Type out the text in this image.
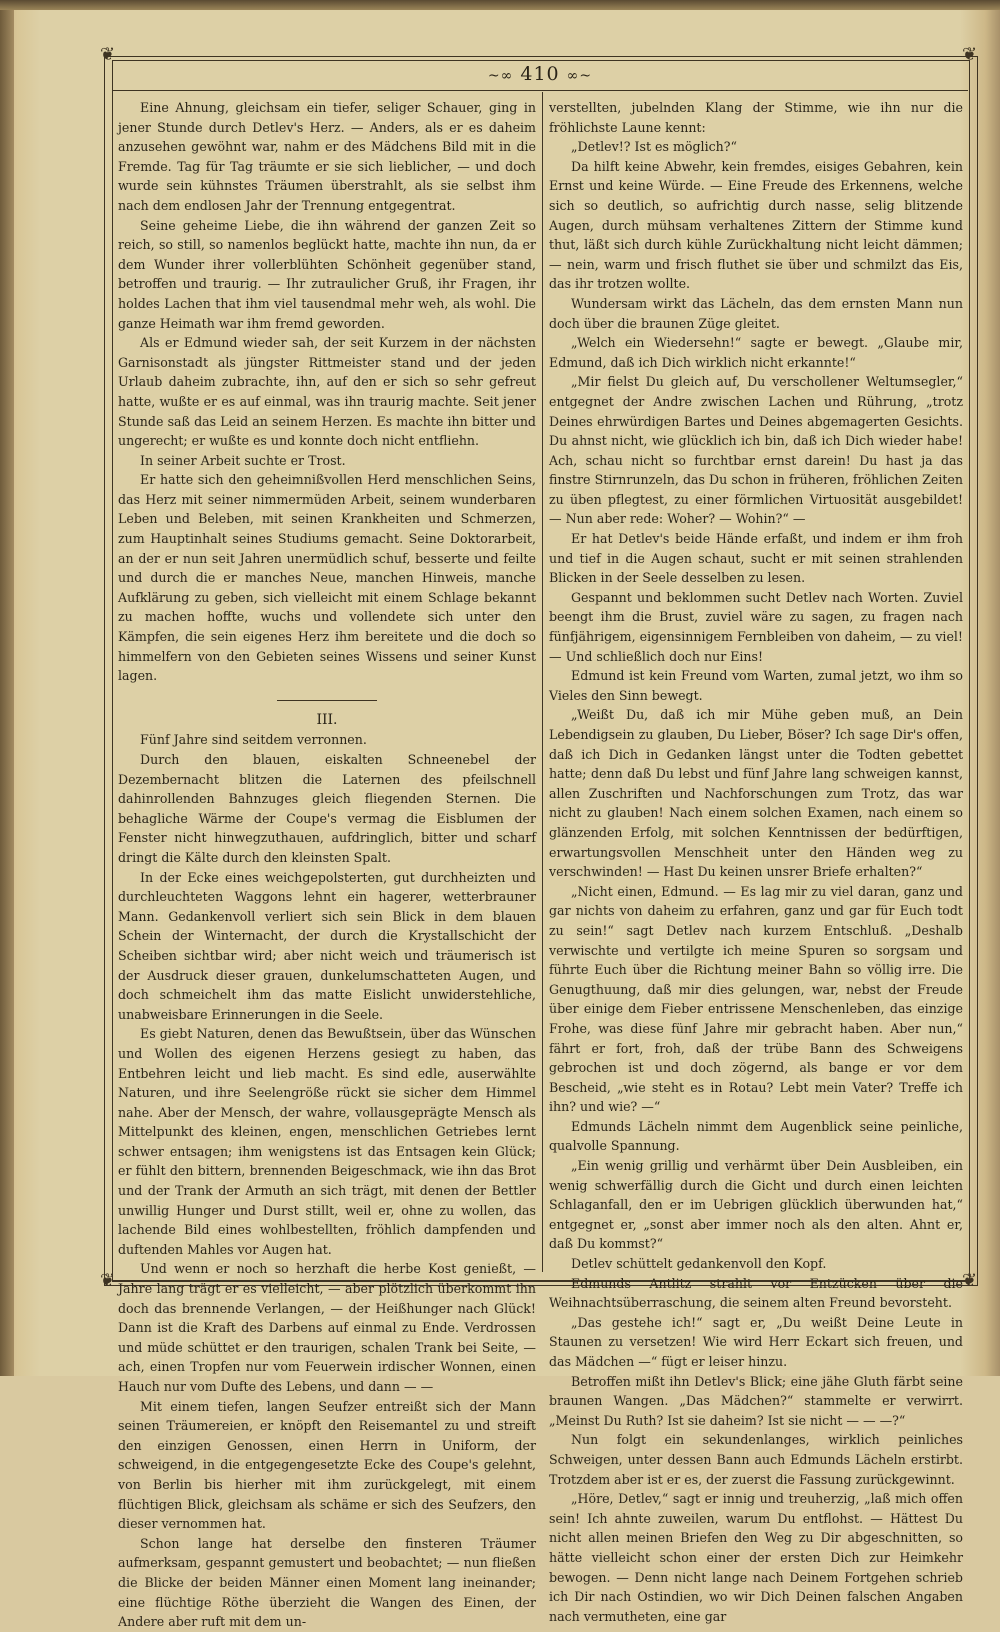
❦	❦
❦	❦
~∞ 410 ∞~

Eine Ahnung, gleichsam ein tiefer, seliger Schauer, ging in jener Stunde durch Detlev's Herz. — Anders, als er es daheim anzusehen gewöhnt war, nahm er des Mädchens Bild mit in die Fremde. Tag für Tag träumte er sie sich lieblicher, — und doch wurde sein kühnstes Träumen überstrahlt, als sie selbst ihm nach dem endlosen Jahr der Trennung entgegentrat.

Seine geheime Liebe, die ihn während der ganzen Zeit so reich, so still, so namenlos beglückt hatte, machte ihn nun, da er dem Wunder ihrer vollerblühten Schönheit gegenüber stand, betroffen und traurig. — Ihr zutraulicher Gruß, ihr Fragen, ihr holdes Lachen that ihm viel tausendmal mehr weh, als wohl. Die ganze Heimath war ihm fremd geworden.

Als er Edmund wieder sah, der seit Kurzem in der nächsten Garnisonstadt als jüngster Rittmeister stand und der jeden Urlaub daheim zubrachte, ihn, auf den er sich so sehr gefreut hatte, wußte er es auf einmal, was ihn traurig machte. Seit jener Stunde saß das Leid an seinem Herzen. Es machte ihn bitter und ungerecht; er wußte es und konnte doch nicht entfliehn.

In seiner Arbeit suchte er Trost.

Er hatte sich den geheimnißvollen Herd menschlichen Seins, das Herz mit seiner nimmermüden Arbeit, seinem wunderbaren Leben und Beleben, mit seinen Krankheiten und Schmerzen, zum Hauptinhalt seines Studiums gemacht. Seine Doktorarbeit, an der er nun seit Jahren unermüdlich schuf, besserte und feilte und durch die er manches Neue, manchen Hinweis, manche Aufklärung zu geben, sich vielleicht mit einem Schlage bekannt zu machen hoffte, wuchs und vollendete sich unter den Kämpfen, die sein eigenes Herz ihm bereitete und die doch so himmelfern von den Gebieten seines Wissens und seiner Kunst lagen.

III.

Fünf Jahre sind seitdem verronnen.

Durch den blauen, eiskalten Schneenebel der Dezembernacht blitzen die Laternen des pfeilschnell dahinrollenden Bahnzuges gleich fliegenden Sternen. Die behagliche Wärme der Coupe's vermag die Eisblumen der Fenster nicht hinwegzuthauen, aufdringlich, bitter und scharf dringt die Kälte durch den kleinsten Spalt.

In der Ecke eines weichgepolsterten, gut durchheizten und durchleuchteten Waggons lehnt ein hagerer, wetterbrauner Mann. Gedankenvoll verliert sich sein Blick in dem blauen Schein der Winternacht, der durch die Krystallschicht der Scheiben sichtbar wird; aber nicht weich und träumerisch ist der Ausdruck dieser grauen, dunkelumschatteten Augen, und doch schmeichelt ihm das matte Eislicht unwiderstehliche, unabweisbare Erinnerungen in die Seele.

Es giebt Naturen, denen das Bewußtsein, über das Wünschen und Wollen des eigenen Herzens gesiegt zu haben, das Entbehren leicht und lieb macht. Es sind edle, auserwählte Naturen, und ihre Seelengröße rückt sie sicher dem Himmel nahe. Aber der Mensch, der wahre, vollausgeprägte Mensch als Mittelpunkt des kleinen, engen, menschlichen Getriebes lernt schwer entsagen; ihm wenigstens ist das Entsagen kein Glück; er fühlt den bittern, brennenden Beigeschmack, wie ihn das Brot und der Trank der Armuth an sich trägt, mit denen der Bettler unwillig Hunger und Durst stillt, weil er, ohne zu wollen, das lachende Bild eines wohlbestellten, fröhlich dampfenden und duftenden Mahles vor Augen hat.

Und wenn er noch so herzhaft die herbe Kost genießt, — Jahre lang trägt er es vielleicht, — aber plötzlich überkommt ihn doch das brennende Verlangen, — der Heißhunger nach Glück! Dann ist die Kraft des Darbens auf einmal zu Ende. Verdrossen und müde schüttet er den traurigen, schalen Trank bei Seite, — ach, einen Tropfen nur vom Feuerwein irdischer Wonnen, einen Hauch nur vom Dufte des Lebens, und dann — —

Mit einem tiefen, langen Seufzer entreißt sich der Mann seinen Träumereien, er knöpft den Reisemantel zu und streift den einzigen Genossen, einen Herrn in Uniform, der schweigend, in die entgegengesetzte Ecke des Coupe's gelehnt, von Berlin bis hierher mit ihm zurückgelegt, mit einem flüchtigen Blick, gleichsam als schäme er sich des Seufzers, den dieser vernommen hat.

Schon lange hat derselbe den finsteren Träumer aufmerksam, gespannt gemustert und beobachtet; — nun fließen die Blicke der beiden Männer einen Moment lang ineinander; eine flüchtige Röthe überzieht die Wangen des Einen, der Andere aber ruft mit dem un-

verstellten, jubelnden Klang der Stimme, wie ihn nur die fröhlichste Laune kennt:

„Detlev!? Ist es möglich?“

Da hilft keine Abwehr, kein fremdes, eisiges Gebahren, kein Ernst und keine Würde. — Eine Freude des Erkennens, welche sich so deutlich, so aufrichtig durch nasse, selig blitzende Augen, durch mühsam verhaltenes Zittern der Stimme kund thut, läßt sich durch kühle Zurückhaltung nicht leicht dämmen; — nein, warm und frisch fluthet sie über und schmilzt das Eis, das ihr trotzen wollte.

Wundersam wirkt das Lächeln, das dem ernsten Mann nun doch über die braunen Züge gleitet.

„Welch ein Wiedersehn!“ sagte er bewegt. „Glaube mir, Edmund, daß ich Dich wirklich nicht erkannte!“

„Mir fielst Du gleich auf, Du verschollener Weltumsegler,“ entgegnet der Andre zwischen Lachen und Rührung, „trotz Deines ehrwürdigen Bartes und Deines abgemagerten Gesichts. Du ahnst nicht, wie glücklich ich bin, daß ich Dich wieder habe! Ach, schau nicht so furchtbar ernst darein! Du hast ja das finstre Stirnrunzeln, das Du schon in früheren, fröhlichen Zeiten zu üben pflegtest, zu einer förmlichen Virtuosität ausgebildet! — Nun aber rede: Woher? — Wohin?“ —

Er hat Detlev's beide Hände erfaßt, und indem er ihm froh und tief in die Augen schaut, sucht er mit seinen strahlenden Blicken in der Seele desselben zu lesen.

Gespannt und beklommen sucht Detlev nach Worten. Zuviel beengt ihm die Brust, zuviel wäre zu sagen, zu fragen nach fünfjährigem, eigensinnigem Fernbleiben von daheim, — zu viel! — Und schließlich doch nur Eins!

Edmund ist kein Freund vom Warten, zumal jetzt, wo ihm so Vieles den Sinn bewegt.

„Weißt Du, daß ich mir Mühe geben muß, an Dein Lebendigsein zu glauben, Du Lieber, Böser? Ich sage Dir's offen, daß ich Dich in Gedanken längst unter die Todten gebettet hatte; denn daß Du lebst und fünf Jahre lang schweigen kannst, allen Zuschriften und Nachforschungen zum Trotz, das war nicht zu glauben! Nach einem solchen Examen, nach einem so glänzenden Erfolg, mit solchen Kenntnissen der bedürftigen, erwartungsvollen Menschheit unter den Händen weg zu verschwinden! — Hast Du keinen unsrer Briefe erhalten?“

„Nicht einen, Edmund. — Es lag mir zu viel daran, ganz und gar nichts von daheim zu erfahren, ganz und gar für Euch todt zu sein!“ sagt Detlev nach kurzem Entschluß. „Deshalb verwischte und vertilgte ich meine Spuren so sorgsam und führte Euch über die Richtung meiner Bahn so völlig irre. Die Genugthuung, daß mir dies gelungen, war, nebst der Freude über einige dem Fieber entrissene Menschenleben, das einzige Frohe, was diese fünf Jahre mir gebracht haben. Aber nun,“ fährt er fort, froh, daß der trübe Bann des Schweigens gebrochen ist und doch zögernd, als bange er vor dem Bescheid, „wie steht es in Rotau? Lebt mein Vater? Treffe ich ihn? und wie? —“

Edmunds Lächeln nimmt dem Augenblick seine peinliche, qualvolle Spannung.

„Ein wenig grillig und verhärmt über Dein Ausbleiben, ein wenig schwerfällig durch die Gicht und durch einen leichten Schlaganfall, den er im Uebrigen glücklich überwunden hat,“ entgegnet er, „sonst aber immer noch als den alten. Ahnt er, daß Du kommst?“

Detlev schüttelt gedankenvoll den Kopf.

Edmunds Antlitz strahlt vor Entzücken über die Weihnachtsüberraschung, die seinem alten Freund bevorsteht.

„Das gestehe ich!“ sagt er, „Du weißt Deine Leute in Staunen zu versetzen! Wie wird Herr Eckart sich freuen, und das Mädchen —“ fügt er leiser hinzu.

Betroffen mißt ihn Detlev's Blick; eine jähe Gluth färbt seine braunen Wangen. „Das Mädchen?“ stammelte er verwirrt. „Meinst Du Ruth? Ist sie daheim? Ist sie nicht — — —?“

Nun folgt ein sekundenlanges, wirklich peinliches Schweigen, unter dessen Bann auch Edmunds Lächeln erstirbt. Trotzdem aber ist er es, der zuerst die Fassung zurückgewinnt.

„Höre, Detlev,“ sagt er innig und treuherzig, „laß mich offen sein! Ich ahnte zuweilen, warum Du entflohst. — Hättest Du nicht allen meinen Briefen den Weg zu Dir abgeschnitten, so hätte vielleicht schon einer der ersten Dich zur Heimkehr bewogen. — Denn nicht lange nach Deinem Fortgehen schrieb ich Dir nach Ostindien, wo wir Dich Deinen falschen Angaben nach vermutheten, eine gar
